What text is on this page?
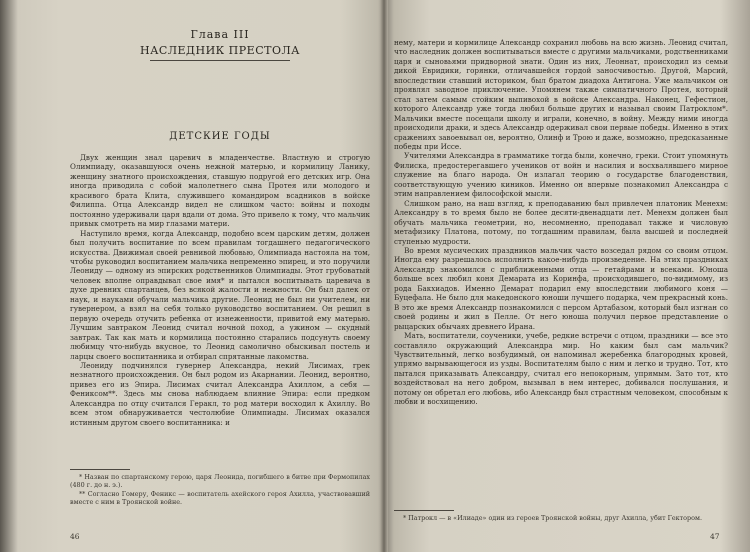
Глава III

НАСЛЕДНИК ПРЕСТОЛА

ДЕТСКИЕ ГОДЫ

Двух женщин знал царевич в младенчестве. Властную и строгую Олимпиаду, оказавшуюся очень нежной матерью, и кормилицу Ланику, женщину знатного происхождения, ставшую подругой его детских игр. Она иногда приводила с собой малолетнего сына Протея или молодого и красивого брата Клита, служившего командиром всадников в войске Филиппа. Отца Александр видел не слишком часто: войны и походы постоянно удерживали царя вдали от дома. Это привело к тому, что мальчик привык смотреть на мир глазами матери.

Наступило время, когда Александр, подобно всем царским детям, должен был получить воспитание по всем правилам тогдашнего педагогического искусства. Движимая своей ревнивой любовью, Олимпиада настояла на том, чтобы руководил воспитанием мальчика непременно эпирец, и это поручили Леониду — одному из эпирских родственников Олимпиады. Этот грубоватый человек вполне оправдывал свое имя* и пытался воспитывать царевича в духе древних спартанцев, без всякой жалости и нежности. Он был далек от наук, и науками обучали мальчика другие. Леонид не был ни учителем, ни гувернером, а взял на себя только руководство воспитанием. Он решил в первую очередь отучить ребенка от изнеженности, привитой ему матерью. Лучшим завтраком Леонид считал ночной поход, а ужином — скудный завтрак. Так как мать и кормилица постоянно старались подсунуть своему любимцу что-нибудь вкусное, то Леонид самолично обыскивал постель и ларцы своего воспитанника и отбирал спрятанные лакомства.

Леониду подчинялся гувернер Александра, некий Лисимах, грек незнатного происхождения. Он был родом из Акарнании. Леонид, вероятно, привез его из Эпира. Лисимах считал Александра Ахиллом, а себя — Фениксом**. Здесь мы снова наблюдаем влияние Эпира: если предком Александра по отцу считался Геракл, то род матери восходил к Ахиллу. Во всем этом обнаруживается честолюбие Олимпиады. Лисимах оказался истинным другом своего воспитанника: и

* Назван по спартанскому герою, царя Леонида, погибшего в битве при Фермопилах (480 г. до н. э.).

** Согласно Гомеру, Феникс — воспитатель ахейского героя Ахилла, участвовавший вместе с ним в Троянской войне.

46

нему, матери и кормилице Александр сохранил любовь на всю жизнь. Леонид считал, что наследник должен воспитываться вместе с другими мальчиками, родственниками царя и сыновьями придворной знати. Один из них, Леоннат, происходил из семьи дикой Евридики, горянки, отличавшейся гордой заносчивостью. Другой, Марсий, впоследствии ставший историком, был братом диадоха Антигона. Уже мальчиком он проявлял заводное приключение. Упомянем также симпатичного Протея, который стал затем самым стойким выпивохой в войске Александра. Наконец, Гефестион, которого Александр уже тогда любил больше других и называл своим Патроклом*. Мальчики вместе посещали школу и играли, конечно, в войну. Между ними иногда происходили драки, и здесь Александр одерживал свои первые победы. Именно в этих сражениях завоевывал он, вероятно, Олинф и Трою и даже, возможно, предсказанные победы при Иссе.

Учителями Александра в грамматике тогда были, конечно, греки. Стоит упомянуть Филиска, предостерегавшего учеников от войн и насилия и восхвалявшего мирное служение на благо народа. Он излагал теорию о государстве благоденствия, соответствующую учению киников. Именно он впервые познакомил Александра с этим направлением философской мысли.

Слишком рано, на наш взгляд, к преподаванию был привлечен платоник Менехм: Александру в то время было не более десяти-двенадцати лет. Менехм должен был обучать мальчика геометрии, но, несомненно, преподавал также и числовую метафизику Платона, потому, по тогдашним правилам, была высшей и последней ступенью мудрости.

Во время мусических праздников мальчик часто возседал рядом со своим отцом. Иногда ему разрешалось исполнить какое-нибудь произведение. На этих праздниках Александр знакомился с приближенными отца — гетайрами и всеками. Юноша больше всех любил коня Демарата из Коринфа, происходившего, по-видимому, из рода Бакхиадов. Именно Демарат подарил ему впоследствии любимого коня — Буцефала. Не было для македонского юноши лучшего подарка, чем прекрасный конь. В это же время Александр познакомился с персом Артабазом, который был изгнан со своей родины и жил в Пелле. От него юноша получил первое представление о рыцарских обычаях древнего Ирана.

Мать, воспитатели, соученики, учебе, редкие встречи с отцом, праздники — все это составляло окружающий Александра мир. Но каким был сам мальчик? Чувствительный, легко возбудимый, он напоминал жеребенка благородных кровей, упрямо вырывающегося из узды. Воспитателям было с ним и легко и трудно. Тот, кто пытался приказывать Александру, считал его непокорным, упрямым. Зато тот, кто воздействовал на него добром, вызывал в нем интерес, добивался послушания, и потому он обретал его любовь, ибо Александр был страстным человеком, способным к любви и восхищению.

* Патрокл — в «Илиаде» один из героев Троянской войны, друг Ахилла, убит Гектором.

47
